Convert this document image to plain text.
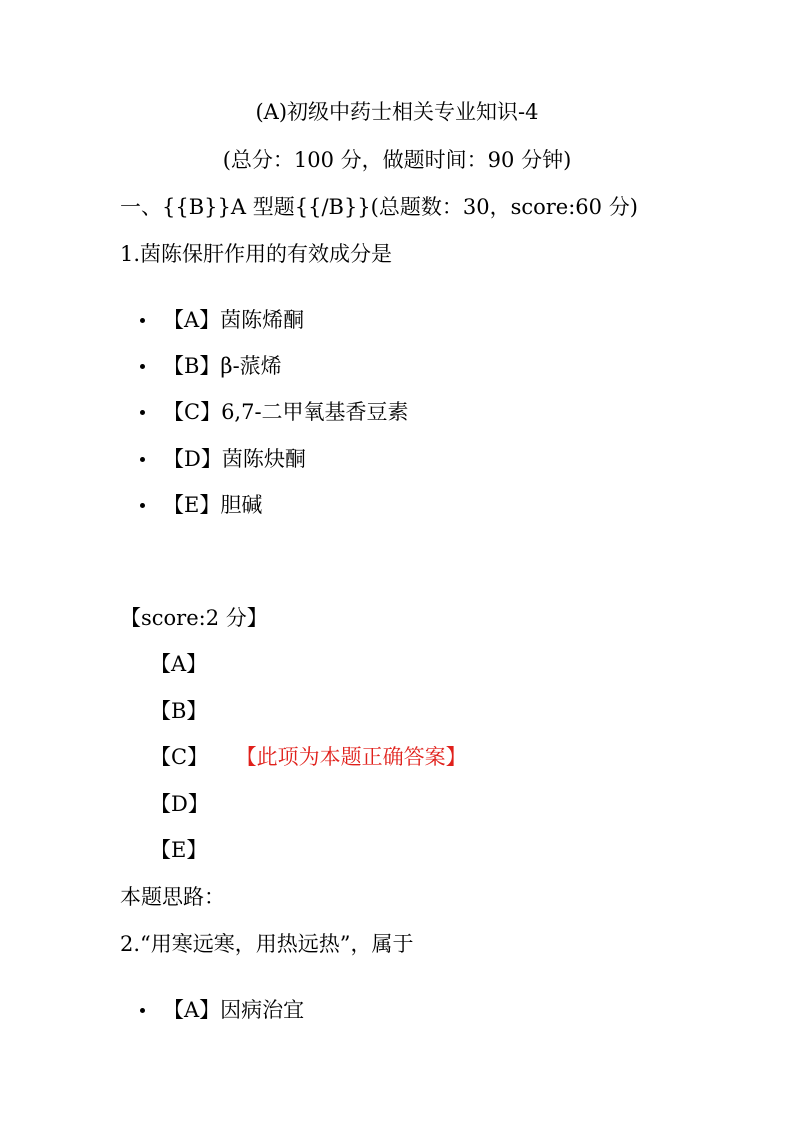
(A)初级中药士相关专业知识-4
(总分：100 分，做题时间：90 分钟)
一、{{B}}A 型题{{/B}}(总题数：30，score:60 分)
1.茵陈保肝作用的有效成分是
【A】茵陈烯酮
【B】β-蒎烯
【C】6,7-二甲氧基香豆素
【D】茵陈炔酮
【E】胆碱
【score:2 分】
【A】
【B】
【C】 【此项为本题正确答案】
【D】
【E】
本题思路：
2.“用寒远寒，用热远热”，属于
【A】因病治宜
